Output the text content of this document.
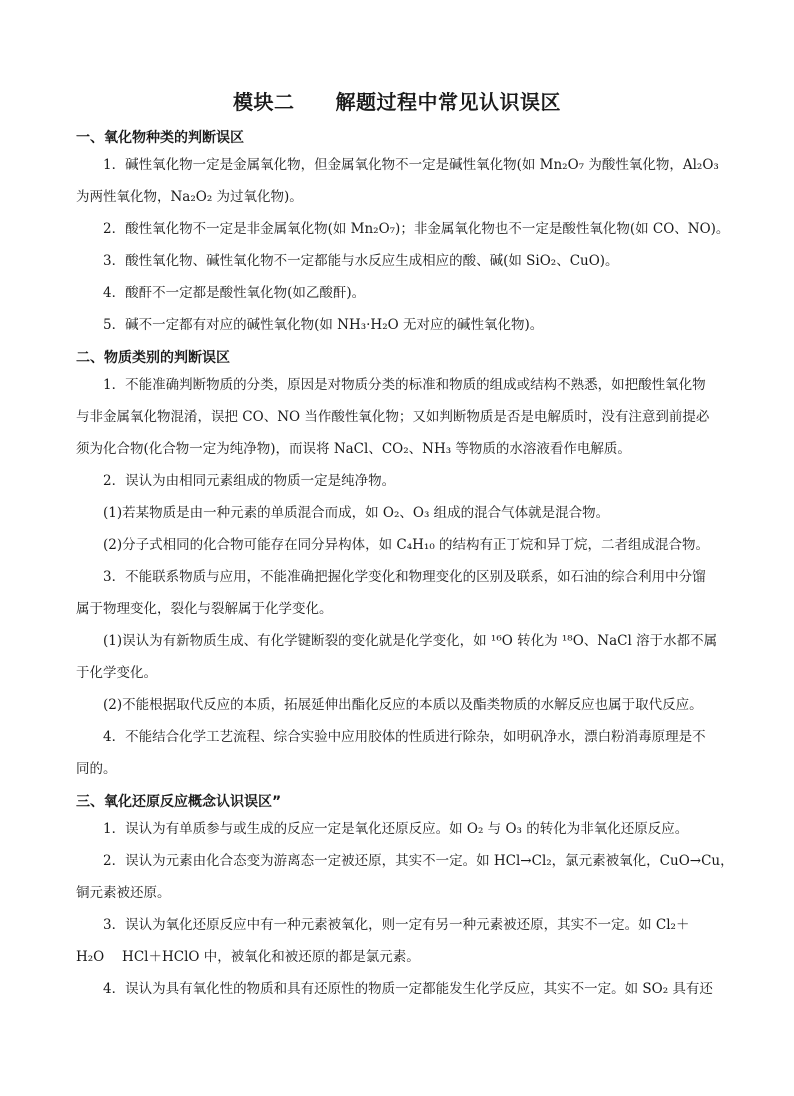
模块二　　解题过程中常见认识误区
一、氧化物种类的判断误区
1．碱性氧化物一定是金属氧化物，但金属氧化物不一定是碱性氧化物(如 Mn₂O₇ 为酸性氧化物，Al₂O₃
为两性氧化物，Na₂O₂ 为过氧化物)。
2．酸性氧化物不一定是非金属氧化物(如 Mn₂O₇)；非金属氧化物也不一定是酸性氧化物(如 CO、NO)。
3．酸性氧化物、碱性氧化物不一定都能与水反应生成相应的酸、碱(如 SiO₂、CuO)。
4．酸酐不一定都是酸性氧化物(如乙酸酐)。
5．碱不一定都有对应的碱性氧化物(如 NH₃·H₂O 无对应的碱性氧化物)。
二、物质类别的判断误区
1．不能准确判断物质的分类，原因是对物质分类的标准和物质的组成或结构不熟悉，如把酸性氧化物
与非金属氧化物混淆，误把 CO、NO 当作酸性氧化物；又如判断物质是否是电解质时，没有注意到前提必
须为化合物(化合物一定为纯净物)，而误将 NaCl、CO₂、NH₃ 等物质的水溶液看作电解质。
2．误认为由相同元素组成的物质一定是纯净物。
(1)若某物质是由一种元素的单质混合而成，如 O₂、O₃ 组成的混合气体就是混合物。
(2)分子式相同的化合物可能存在同分异构体，如 C₄H₁₀ 的结构有正丁烷和异丁烷，二者组成混合物。
3．不能联系物质与应用，不能准确把握化学变化和物理变化的区别及联系，如石油的综合利用中分馏
属于物理变化，裂化与裂解属于化学变化。
(1)误认为有新物质生成、有化学键断裂的变化就是化学变化，如 ¹⁶O 转化为 ¹⁸O、NaCl 溶于水都不属
于化学变化。
(2)不能根据取代反应的本质，拓展延伸出酯化反应的本质以及酯类物质的水解反应也属于取代反应。
4．不能结合化学工艺流程、综合实验中应用胶体的性质进行除杂，如明矾净水，漂白粉消毒原理是不
同的。
三、氧化还原反应概念认识误区”
1．误认为有单质参与或生成的反应一定是氧化还原反应。如 O₂ 与 O₃ 的转化为非氧化还原反应。
2．误认为元素由化合态变为游离态一定被还原，其实不一定。如 HCl→Cl₂，氯元素被氧化，CuO→Cu，
铜元素被还原。
3．误认为氧化还原反应中有一种元素被氧化，则一定有另一种元素被还原，其实不一定。如 Cl₂＋
H₂O　 HCl＋HClO 中，被氧化和被还原的都是氯元素。
4．误认为具有氧化性的物质和具有还原性的物质一定都能发生化学反应，其实不一定。如 SO₂ 具有还
